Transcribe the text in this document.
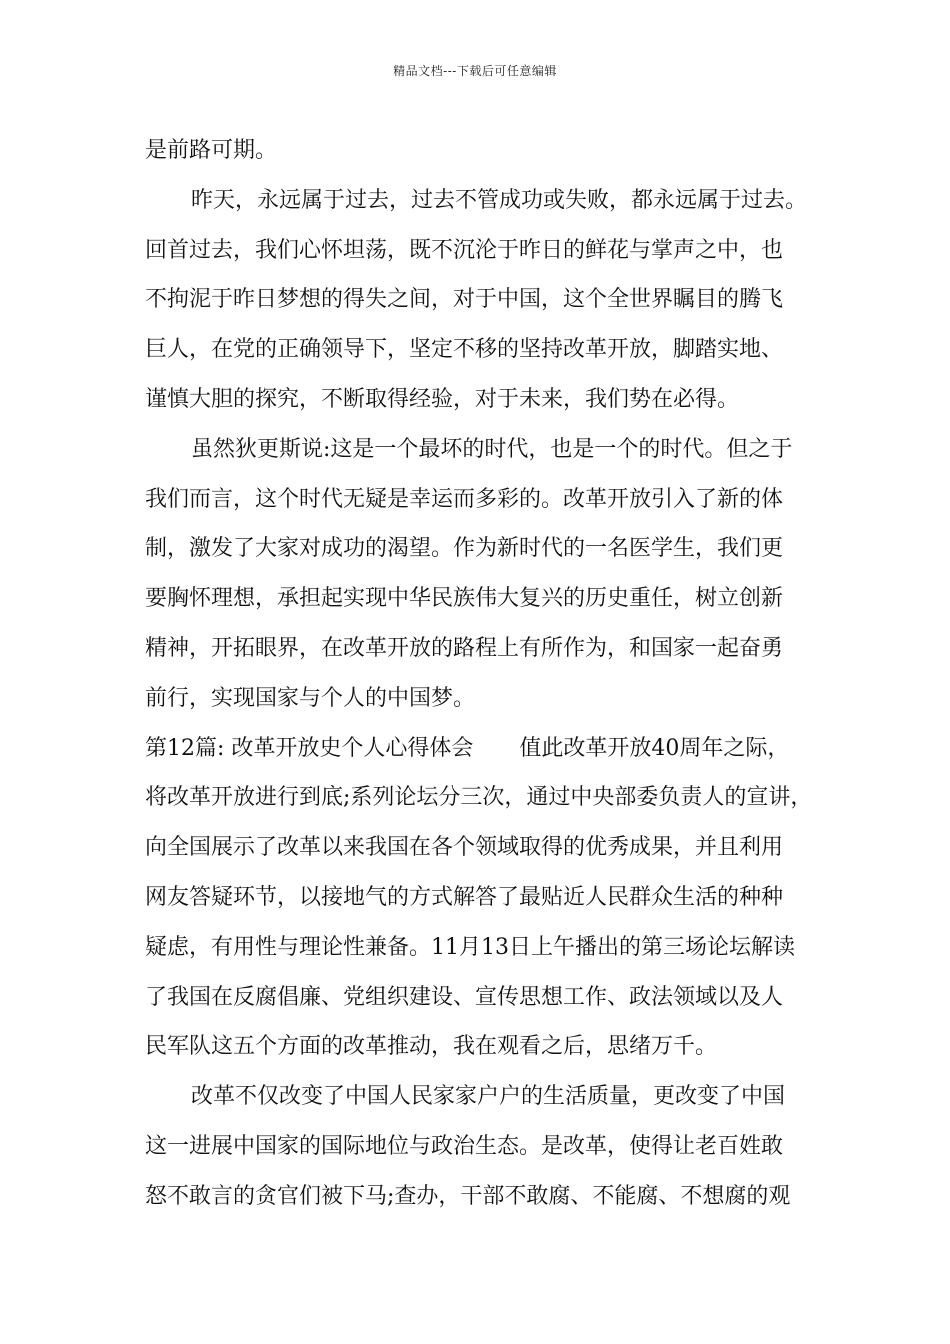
精品文档---下载后可任意编辑
是前路可期。
昨天，永远属于过去，过去不管成功或失败，都永远属于过去。
回首过去，我们心怀坦荡，既不沉沦于昨日的鲜花与掌声之中，也
不拘泥于昨日梦想的得失之间，对于中国，这个全世界瞩目的腾飞
巨人，在党的正确领导下，坚定不移的坚持改革开放，脚踏实地、
谨慎大胆的探究，不断取得经验，对于未来，我们势在必得。
虽然狄更斯说:这是一个最坏的时代，也是一个的时代。但之于
我们而言，这个时代无疑是幸运而多彩的。改革开放引入了新的体
制，激发了大家对成功的渴望。作为新时代的一名医学生，我们更
要胸怀理想，承担起实现中华民族伟大复兴的历史重任，树立创新
精神，开拓眼界，在改革开放的路程上有所作为，和国家一起奋勇
前行，实现国家与个人的中国梦。
第12篇: 改革开放史个人心得体会 值此改革开放40周年之际，
将改革开放进行到底;系列论坛分三次，通过中央部委负责人的宣讲，
向全国展示了改革以来我国在各个领域取得的优秀成果，并且利用
网友答疑环节，以接地气的方式解答了最贴近人民群众生活的种种
疑虑，有用性与理论性兼备。11月13日上午播出的第三场论坛解读
了我国在反腐倡廉、党组织建设、宣传思想工作、政法领域以及人
民军队这五个方面的改革推动，我在观看之后，思绪万千。
改革不仅改变了中国人民家家户户的生活质量，更改变了中国
这一进展中国家的国际地位与政治生态。是改革，使得让老百姓敢
怒不敢言的贪官们被下马;查办，干部不敢腐、不能腐、不想腐的观
